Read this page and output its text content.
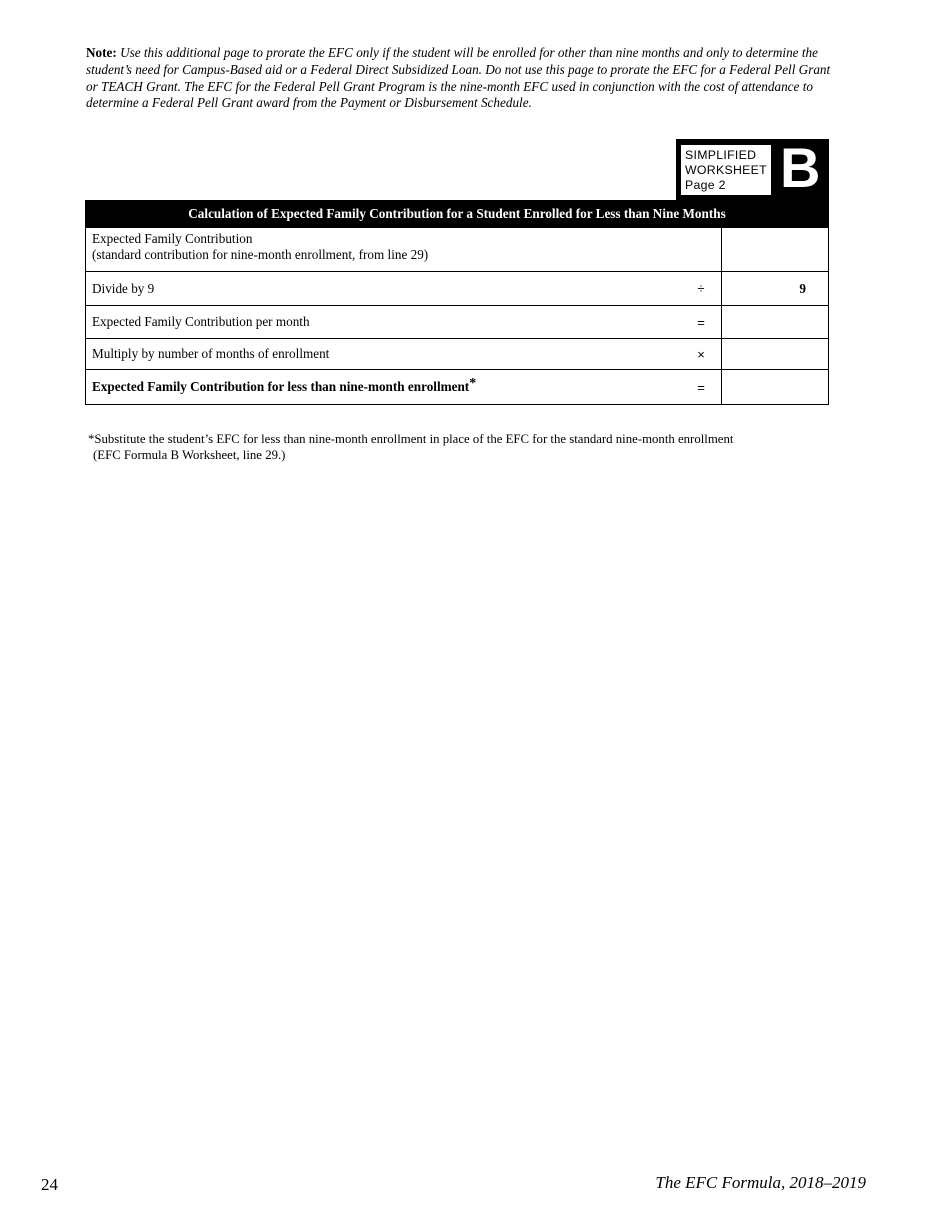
Note: Use this additional page to prorate the EFC only if the student will be enrolled for other than nine months and only to determine the student’s need for Campus-Based aid or a Federal Direct Subsidized Loan. Do not use this page to prorate the EFC for a Federal Pell Grant or TEACH Grant. The EFC for the Federal Pell Grant Program is the nine-month EFC used in conjunction with the cost of attendance to determine a Federal Pell Grant award from the Payment or Disbursement Schedule.
SIMPLIFIED
WORKSHEET
Page 2 B
Calculation of Expected Family Contribution for a Student Enrolled for Less than Nine Months
Expected Family Contribution
(standard contribution for nine-month enrollment, from line 29)
Divide by 9	÷	9
Expected Family Contribution per month	=
Multiply by number of months of enrollment	×
Expected Family Contribution for less than nine-month enrollment*	=
*Substitute the student’s EFC for less than nine-month enrollment in place of the EFC for the standard nine-month enrollment
(EFC Formula B Worksheet, line 29.)
24	The EFC Formula, 2018–2019
